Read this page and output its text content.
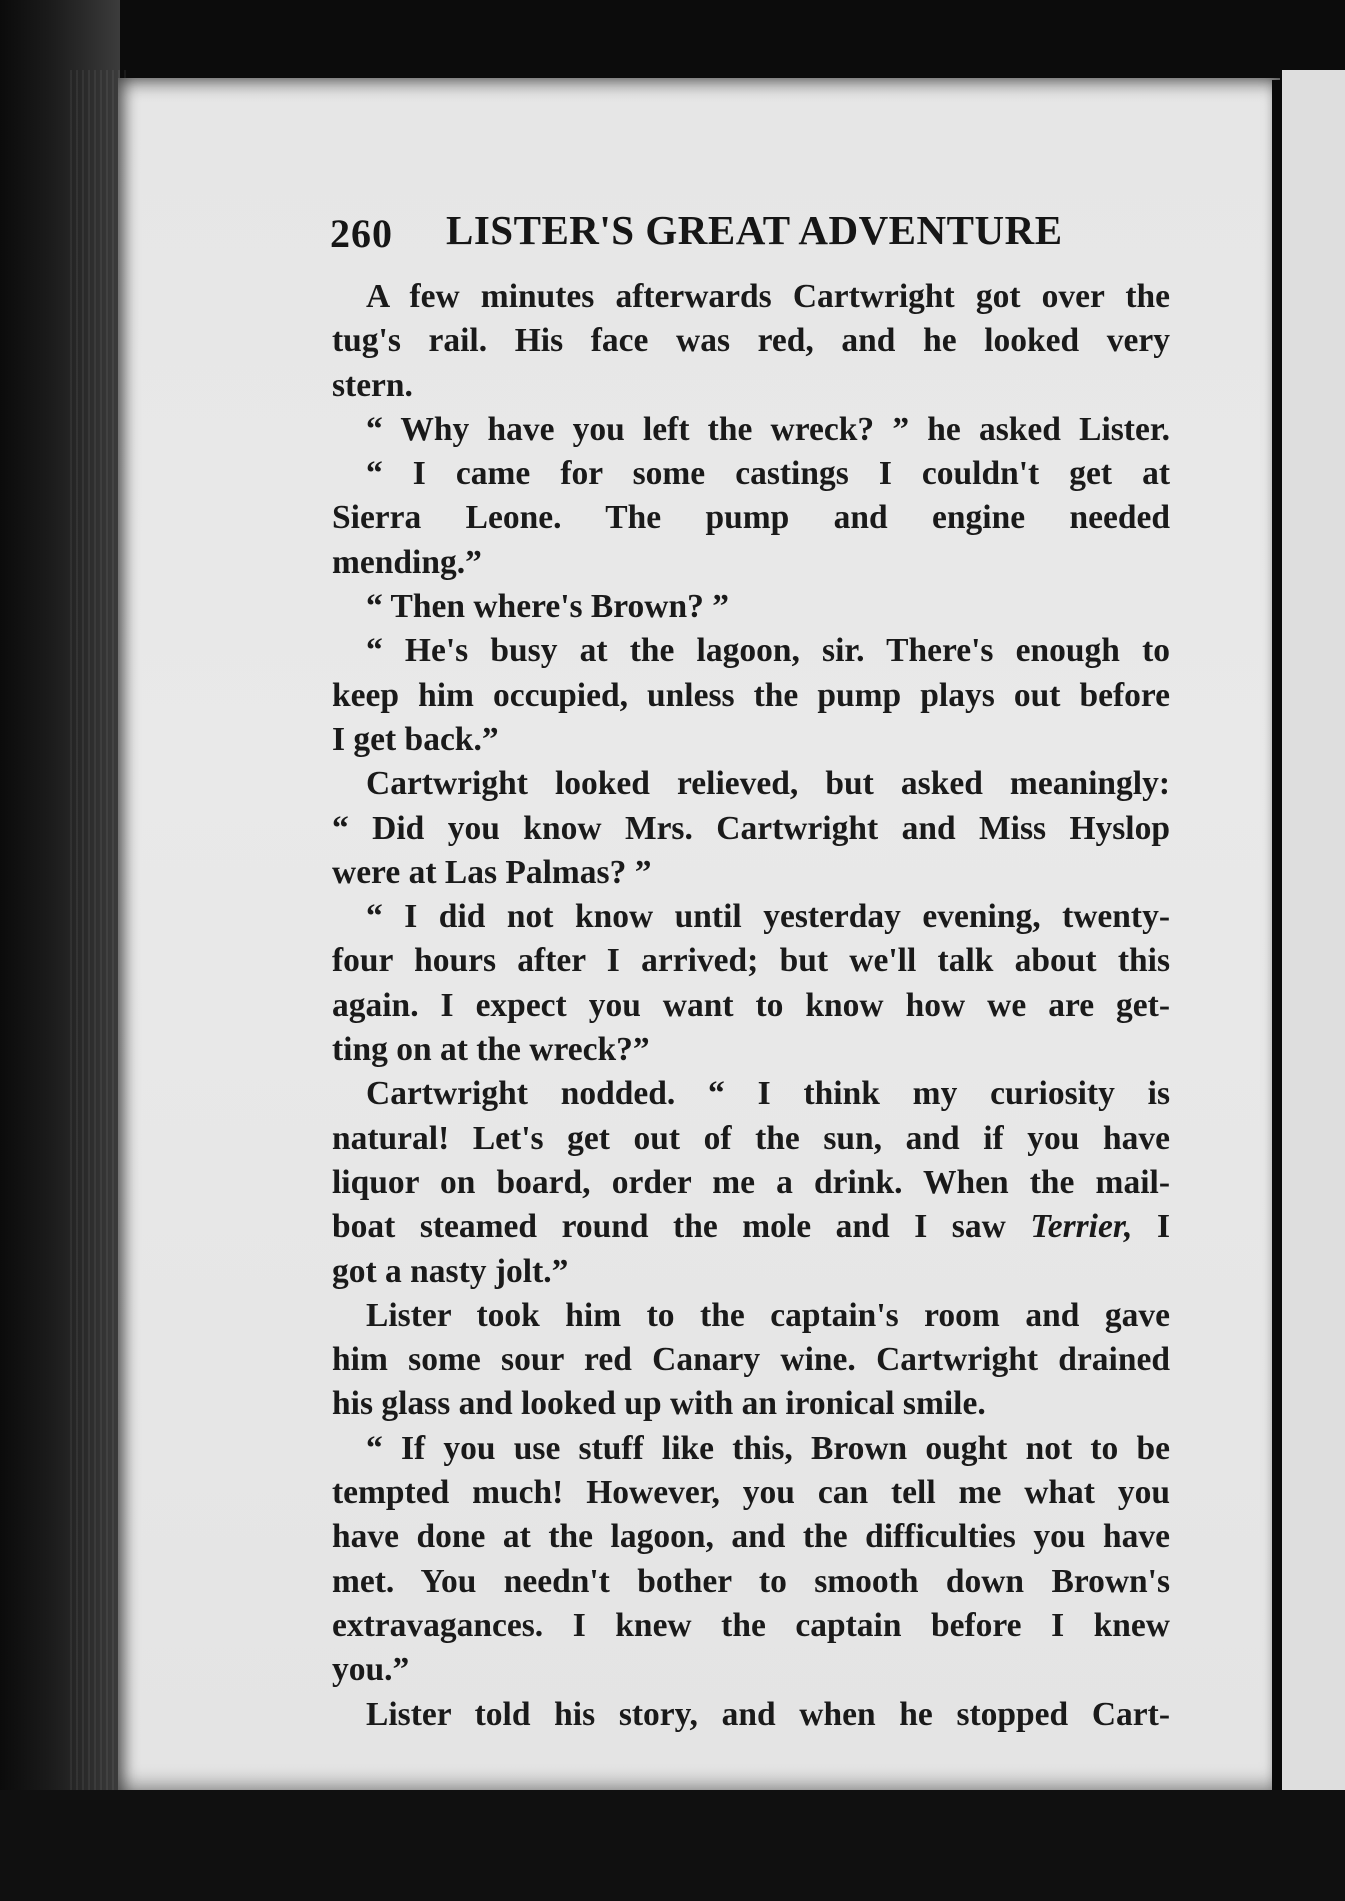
260 LISTER'S GREAT ADVENTURE
A few minutes afterwards Cartwright got over the
tug's rail. His face was red, and he looked very
stern.
“ Why have you left the wreck? ” he asked Lister.
“ I came for some castings I couldn't get at
Sierra Leone. The pump and engine needed
mending.”
“ Then where's Brown? ”
“ He's busy at the lagoon, sir. There's enough to
keep him occupied, unless the pump plays out before
I get back.”
Cartwright looked relieved, but asked meaningly:
“ Did you know Mrs. Cartwright and Miss Hyslop
were at Las Palmas? ”
“ I did not know until yesterday evening, twenty-
four hours after I arrived; but we'll talk about this
again. I expect you want to know how we are get-
ting on at the wreck?”
Cartwright nodded. “ I think my curiosity is
natural! Let's get out of the sun, and if you have
liquor on board, order me a drink. When the mail-
boat steamed round the mole and I saw Terrier, I
got a nasty jolt.”
Lister took him to the captain's room and gave
him some sour red Canary wine. Cartwright drained
his glass and looked up with an ironical smile.
“ If you use stuff like this, Brown ought not to be
tempted much! However, you can tell me what you
have done at the lagoon, and the difficulties you have
met. You needn't bother to smooth down Brown's
extravagances. I knew the captain before I knew
you.”
Lister told his story, and when he stopped Cart-
